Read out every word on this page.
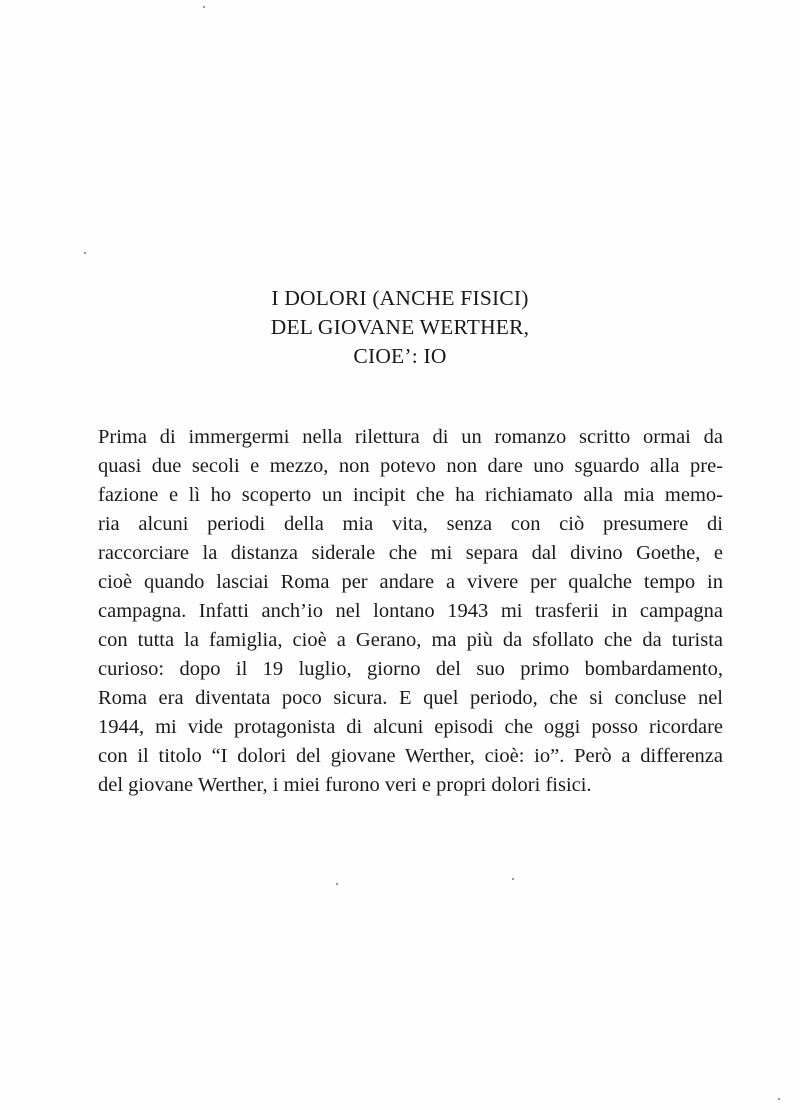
I DOLORI (ANCHE FISICI)
DEL GIOVANE WERTHER,
CIOE’: IO
Prima di immergermi nella rilettura di un romanzo scritto ormai da
quasi due secoli e mezzo, non potevo non dare uno sguardo alla pre-
fazione e lì ho scoperto un incipit che ha richiamato alla mia memo-
ria alcuni periodi della mia vita, senza con ciò presumere di
raccorciare la distanza siderale che mi separa dal divino Goethe, e
cioè quando lasciai Roma per andare a vivere per qualche tempo in
campagna. Infatti anch’io nel lontano 1943 mi trasferii in campagna
con tutta la famiglia, cioè a Gerano, ma più da sfollato che da turista
curioso: dopo il 19 luglio, giorno del suo primo bombardamento,
Roma era diventata poco sicura. E quel periodo, che si concluse nel
1944, mi vide protagonista di alcuni episodi che oggi posso ricordare
con il titolo “I dolori del giovane Werther, cioè: io”. Però a differenza
del giovane Werther, i miei furono veri e propri dolori fisici.
